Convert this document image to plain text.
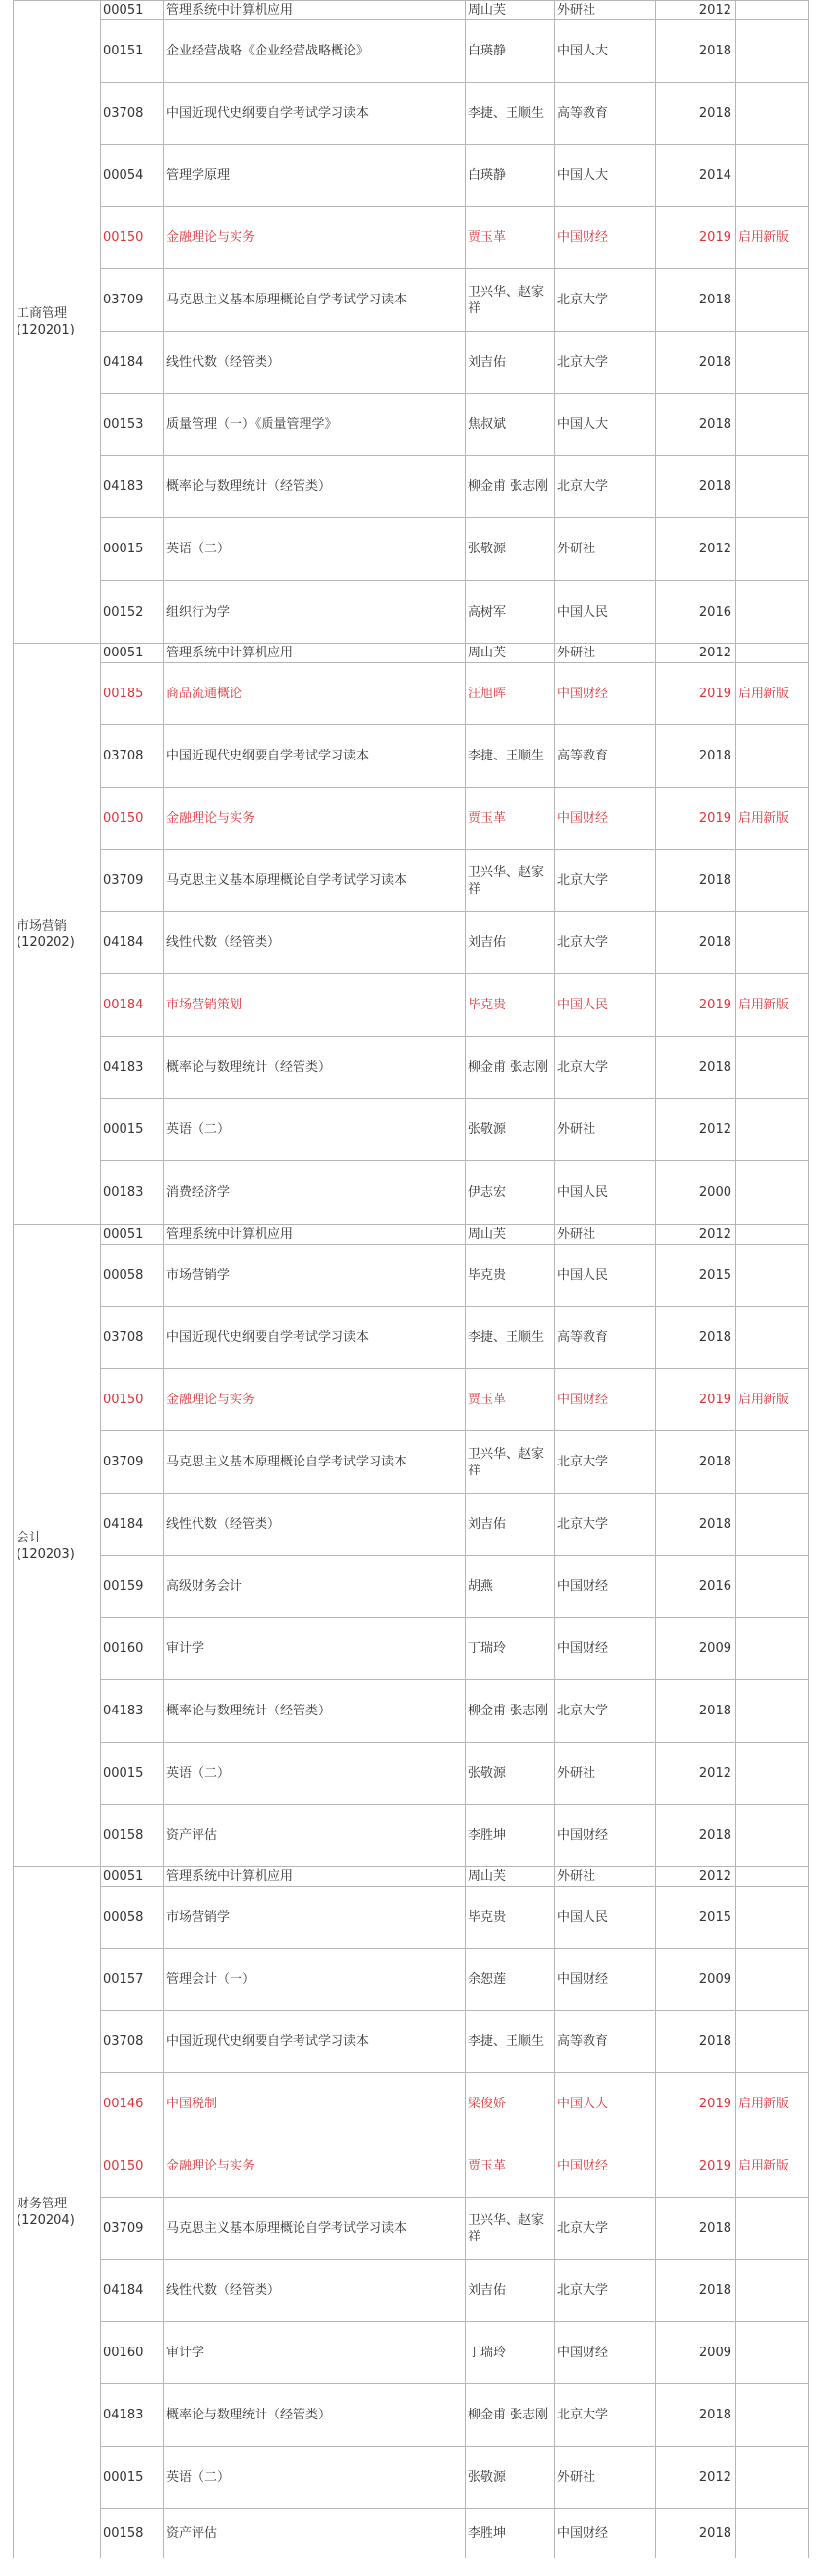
工商管理(120201)	00051	管理系统中计算机应用	周山芙	外研社	2012	
	00151	企业经营战略《企业经营战略概论》	白瑛静	中国人大	2018	
	03708	中国近现代史纲要自学考试学习读本	李捷、王顺生	高等教育	2018	
	00054	管理学原理	白瑛静	中国人大	2014	
	00150	金融理论与实务	贾玉革	中国财经	2019	启用新版
	03709	马克思主义基本原理概论自学考试学习读本	卫兴华、赵家祥	北京大学	2018	
	04184	线性代数（经管类）	刘吉佑	北京大学	2018	
	00153	质量管理（一）《质量管理学》	焦叔斌	中国人大	2018	
	04183	概率论与数理统计（经管类）	柳金甫 张志刚	北京大学	2018	
	00015	英语（二）	张敬源	外研社	2012	
	00152	组织行为学	高树军	中国人民	2016	
市场营销(120202)	00051	管理系统中计算机应用	周山芙	外研社	2012	
	00185	商品流通概论	汪旭晖	中国财经	2019	启用新版
	03708	中国近现代史纲要自学考试学习读本	李捷、王顺生	高等教育	2018	
	00150	金融理论与实务	贾玉革	中国财经	2019	启用新版
	03709	马克思主义基本原理概论自学考试学习读本	卫兴华、赵家祥	北京大学	2018	
	04184	线性代数（经管类）	刘吉佑	北京大学	2018	
	00184	市场营销策划	毕克贵	中国人民	2019	启用新版
	04183	概率论与数理统计（经管类）	柳金甫 张志刚	北京大学	2018	
	00015	英语（二）	张敬源	外研社	2012	
	00183	消费经济学	伊志宏	中国人民	2000	
会计(120203)	00051	管理系统中计算机应用	周山芙	外研社	2012	
	00058	市场营销学	毕克贵	中国人民	2015	
	03708	中国近现代史纲要自学考试学习读本	李捷、王顺生	高等教育	2018	
	00150	金融理论与实务	贾玉革	中国财经	2019	启用新版
	03709	马克思主义基本原理概论自学考试学习读本	卫兴华、赵家祥	北京大学	2018	
	04184	线性代数（经管类）	刘吉佑	北京大学	2018	
	00159	高级财务会计	胡燕	中国财经	2016	
	00160	审计学	丁瑞玲	中国财经	2009	
	04183	概率论与数理统计（经管类）	柳金甫 张志刚	北京大学	2018	
	00015	英语（二）	张敬源	外研社	2012	
	00158	资产评估	李胜坤	中国财经	2018	
财务管理(120204)	00051	管理系统中计算机应用	周山芙	外研社	2012	
	00058	市场营销学	毕克贵	中国人民	2015	
	00157	管理会计（一）	余恕莲	中国财经	2009	
	03708	中国近现代史纲要自学考试学习读本	李捷、王顺生	高等教育	2018	
	00146	中国税制	梁俊娇	中国人大	2019	启用新版
	00150	金融理论与实务	贾玉革	中国财经	2019	启用新版
	03709	马克思主义基本原理概论自学考试学习读本	卫兴华、赵家祥	北京大学	2018	
	04184	线性代数（经管类）	刘吉佑	北京大学	2018	
	00160	审计学	丁瑞玲	中国财经	2009	
	04183	概率论与数理统计（经管类）	柳金甫 张志刚	北京大学	2018	
	00015	英语（二）	张敬源	外研社	2012	
	00158	资产评估	李胜坤	中国财经	2018	
